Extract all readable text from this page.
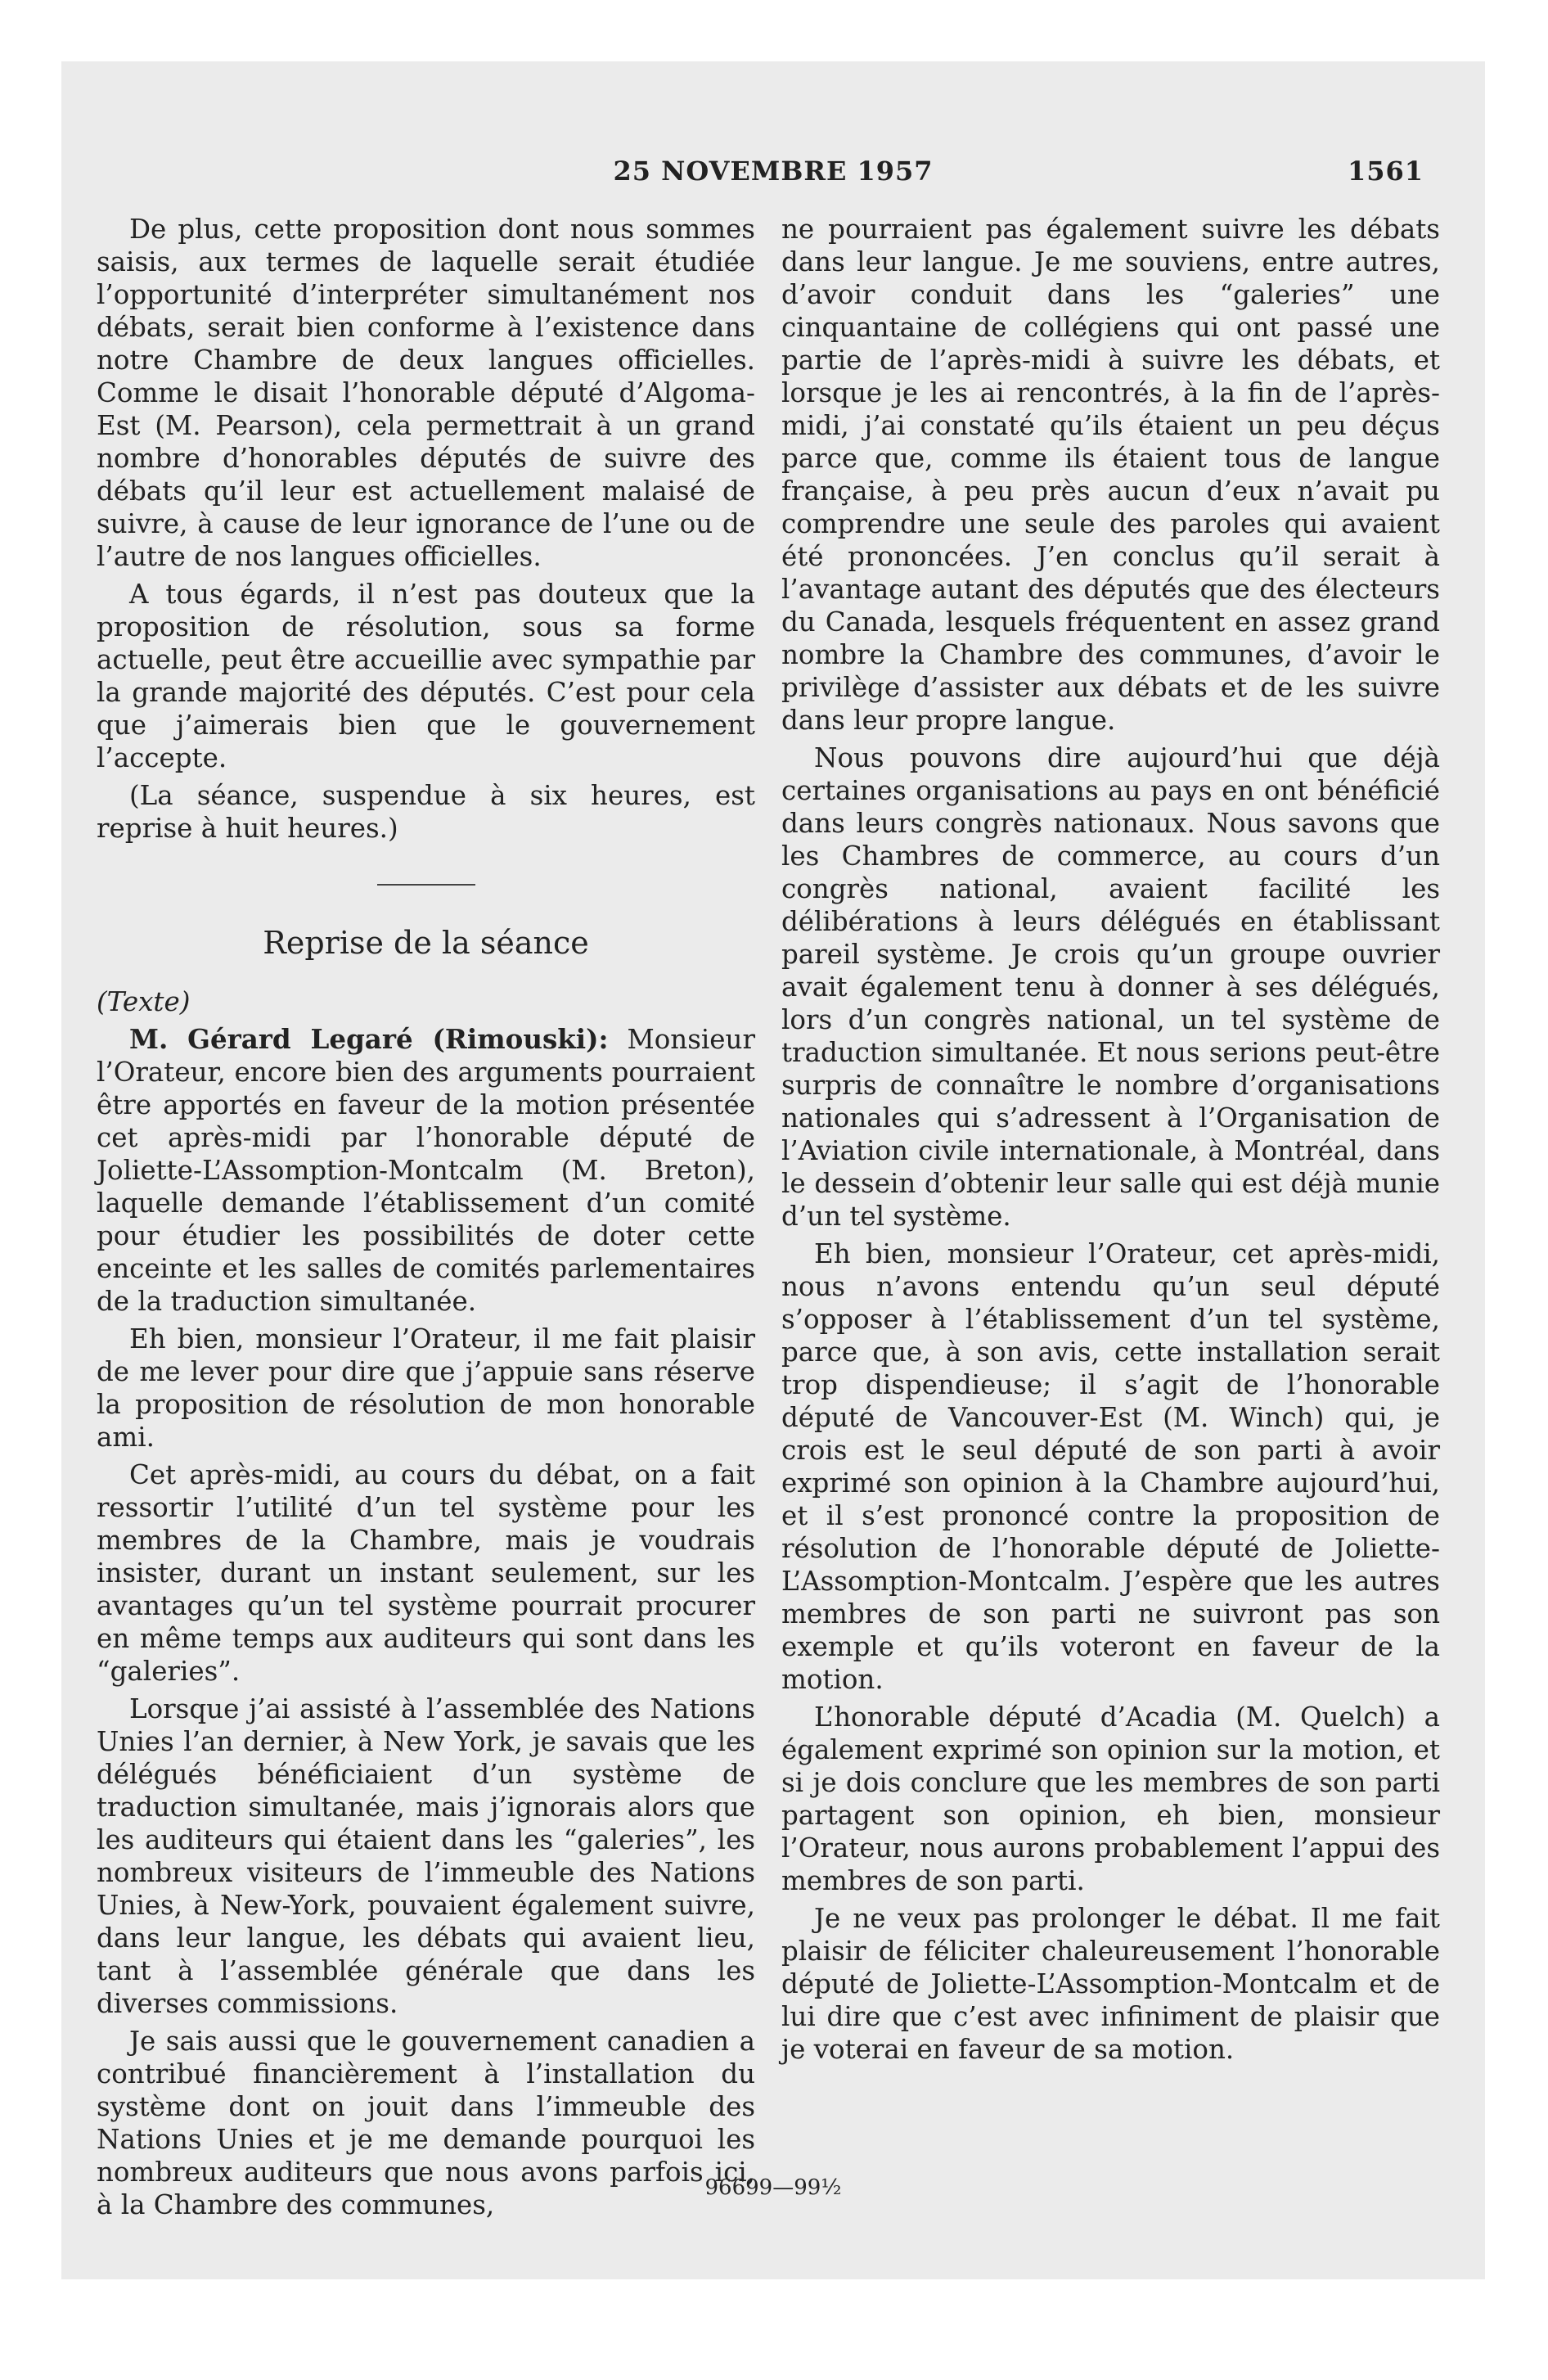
25 NOVEMBRE 1957	1561

De plus, cette proposition dont nous sommes saisis, aux termes de laquelle serait étudiée l’opportunité d’interpréter simultanément nos débats, serait bien conforme à l’existence dans notre Chambre de deux langues officielles. Comme le disait l’honorable député d’Algoma-Est (M. Pearson), cela permettrait à un grand nombre d’honorables députés de suivre des débats qu’il leur est actuellement malaisé de suivre, à cause de leur ignorance de l’une ou de l’autre de nos langues officielles.

A tous égards, il n’est pas douteux que la proposition de résolution, sous sa forme actuelle, peut être accueillie avec sympathie par la grande majorité des députés. C’est pour cela que j’aimerais bien que le gouvernement l’accepte.

(La séance, suspendue à six heures, est reprise à huit heures.)

Reprise de la séance

(Texte)

M. Gérard Legaré (Rimouski): Monsieur l’Orateur, encore bien des arguments pourraient être apportés en faveur de la motion présentée cet après-midi par l’honorable député de Joliette-L’Assomption-Montcalm (M. Breton), laquelle demande l’établissement d’un comité pour étudier les possibilités de doter cette enceinte et les salles de comités parlementaires de la traduction simultanée.

Eh bien, monsieur l’Orateur, il me fait plaisir de me lever pour dire que j’appuie sans réserve la proposition de résolution de mon honorable ami.

Cet après-midi, au cours du débat, on a fait ressortir l’utilité d’un tel système pour les membres de la Chambre, mais je voudrais insister, durant un instant seulement, sur les avantages qu’un tel système pourrait procurer en même temps aux auditeurs qui sont dans les “galeries”.

Lorsque j’ai assisté à l’assemblée des Nations Unies l’an dernier, à New York, je savais que les délégués bénéficiaient d’un système de traduction simultanée, mais j’ignorais alors que les auditeurs qui étaient dans les “galeries”, les nombreux visiteurs de l’immeuble des Nations Unies, à New-York, pouvaient également suivre, dans leur langue, les débats qui avaient lieu, tant à l’assemblée générale que dans les diverses commissions.

Je sais aussi que le gouvernement canadien a contribué financièrement à l’installation du système dont on jouit dans l’immeuble des Nations Unies et je me demande pourquoi les nombreux auditeurs que nous avons parfois ici, à la Chambre des communes,

ne pourraient pas également suivre les débats dans leur langue. Je me souviens, entre autres, d’avoir conduit dans les “galeries” une cinquantaine de collégiens qui ont passé une partie de l’après-midi à suivre les débats, et lorsque je les ai rencontrés, à la fin de l’après-midi, j’ai constaté qu’ils étaient un peu déçus parce que, comme ils étaient tous de langue française, à peu près aucun d’eux n’avait pu comprendre une seule des paroles qui avaient été prononcées. J’en conclus qu’il serait à l’avantage autant des députés que des électeurs du Canada, lesquels fréquentent en assez grand nombre la Chambre des communes, d’avoir le privilège d’assister aux débats et de les suivre dans leur propre langue.

Nous pouvons dire aujourd’hui que déjà certaines organisations au pays en ont bénéficié dans leurs congrès nationaux. Nous savons que les Chambres de commerce, au cours d’un congrès national, avaient facilité les délibérations à leurs délégués en établissant pareil système. Je crois qu’un groupe ouvrier avait également tenu à donner à ses délégués, lors d’un congrès national, un tel système de traduction simultanée. Et nous serions peut-être surpris de connaître le nombre d’organisations nationales qui s’adressent à l’Organisation de l’Aviation civile internationale, à Montréal, dans le dessein d’obtenir leur salle qui est déjà munie d’un tel système.

Eh bien, monsieur l’Orateur, cet après-midi, nous n’avons entendu qu’un seul député s’opposer à l’établissement d’un tel système, parce que, à son avis, cette installation serait trop dispendieuse; il s’agit de l’honorable député de Vancouver-Est (M. Winch) qui, je crois est le seul député de son parti à avoir exprimé son opinion à la Chambre aujourd’hui, et il s’est prononcé contre la proposition de résolution de l’honorable député de Joliette-L’Assomption-Montcalm. J’espère que les autres membres de son parti ne suivront pas son exemple et qu’ils voteront en faveur de la motion.

L’honorable député d’Acadia (M. Quelch) a également exprimé son opinion sur la motion, et si je dois conclure que les membres de son parti partagent son opinion, eh bien, monsieur l’Orateur, nous aurons probablement l’appui des membres de son parti.

Je ne veux pas prolonger le débat. Il me fait plaisir de féliciter chaleureusement l’honorable député de Joliette-L’Assomption-Montcalm et de lui dire que c’est avec infiniment de plaisir que je voterai en faveur de sa motion.

96699—99½
